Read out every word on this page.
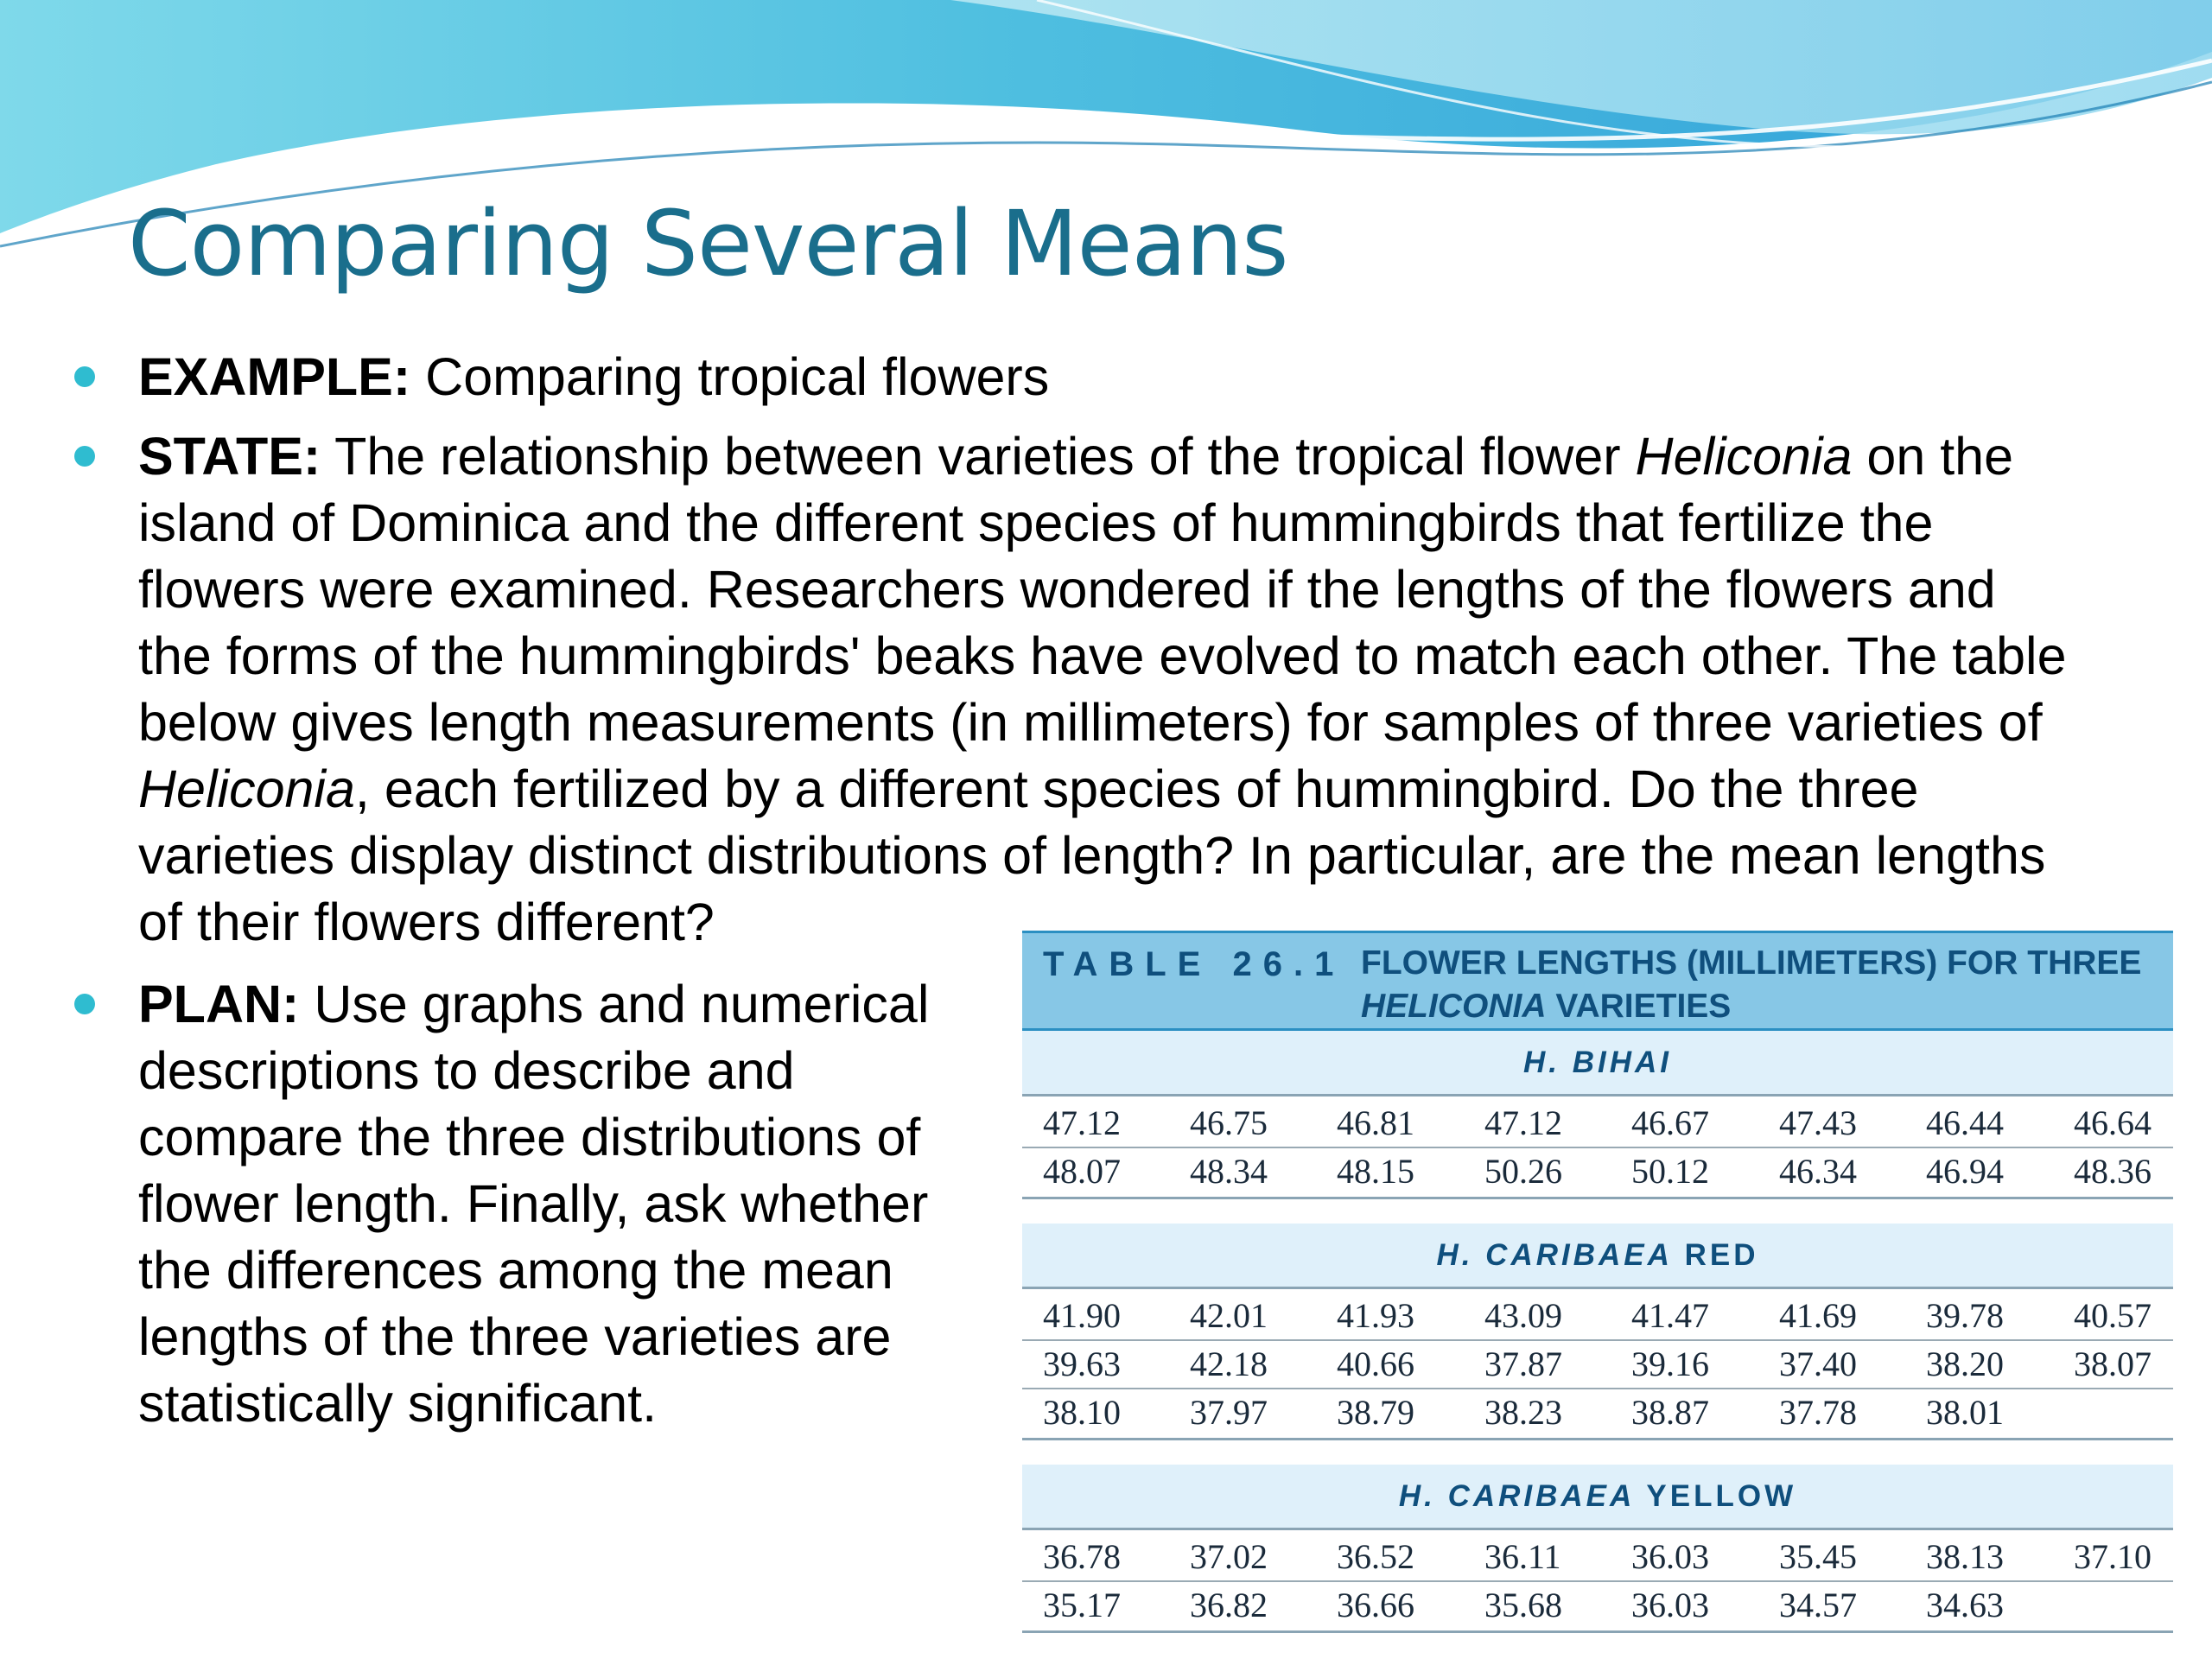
Comparing Several Means
EXAMPLE: Comparing tropical flowers
STATE: The relationship between varieties of the tropical flower Heliconia on the
island of Dominica and the different species of hummingbirds that fertilize the
flowers were examined. Researchers wondered if the lengths of the flowers and
the forms of the hummingbirds' beaks have evolved to match each other. The table
below gives length measurements (in millimeters) for samples of three varieties of
Heliconia, each fertilized by a different species of hummingbird. Do the three
varieties display distinct distributions of length? In particular, are the mean lengths
of their flowers different?
PLAN: Use graphs and numerical
descriptions to describe and
compare the three distributions of
flower length. Finally, ask whether
the differences among the mean
lengths of the three varieties are
statistically significant.
TABLE 26.1 FLOWER LENGTHS (MILLIMETERS) FOR THREE
HELICONIA VARIETIES
H. BIHAI
47.12	46.75	46.81	47.12	46.67	47.43	46.44	46.64
48.07	48.34	48.15	50.26	50.12	46.34	46.94	48.36
H. CARIBAEA RED
41.90	42.01	41.93	43.09	41.47	41.69	39.78	40.57
39.63	42.18	40.66	37.87	39.16	37.40	38.20	38.07
38.10	37.97	38.79	38.23	38.87	37.78	38.01
H. CARIBAEA YELLOW
36.78	37.02	36.52	36.11	36.03	35.45	38.13	37.10
35.17	36.82	36.66	35.68	36.03	34.57	34.63
